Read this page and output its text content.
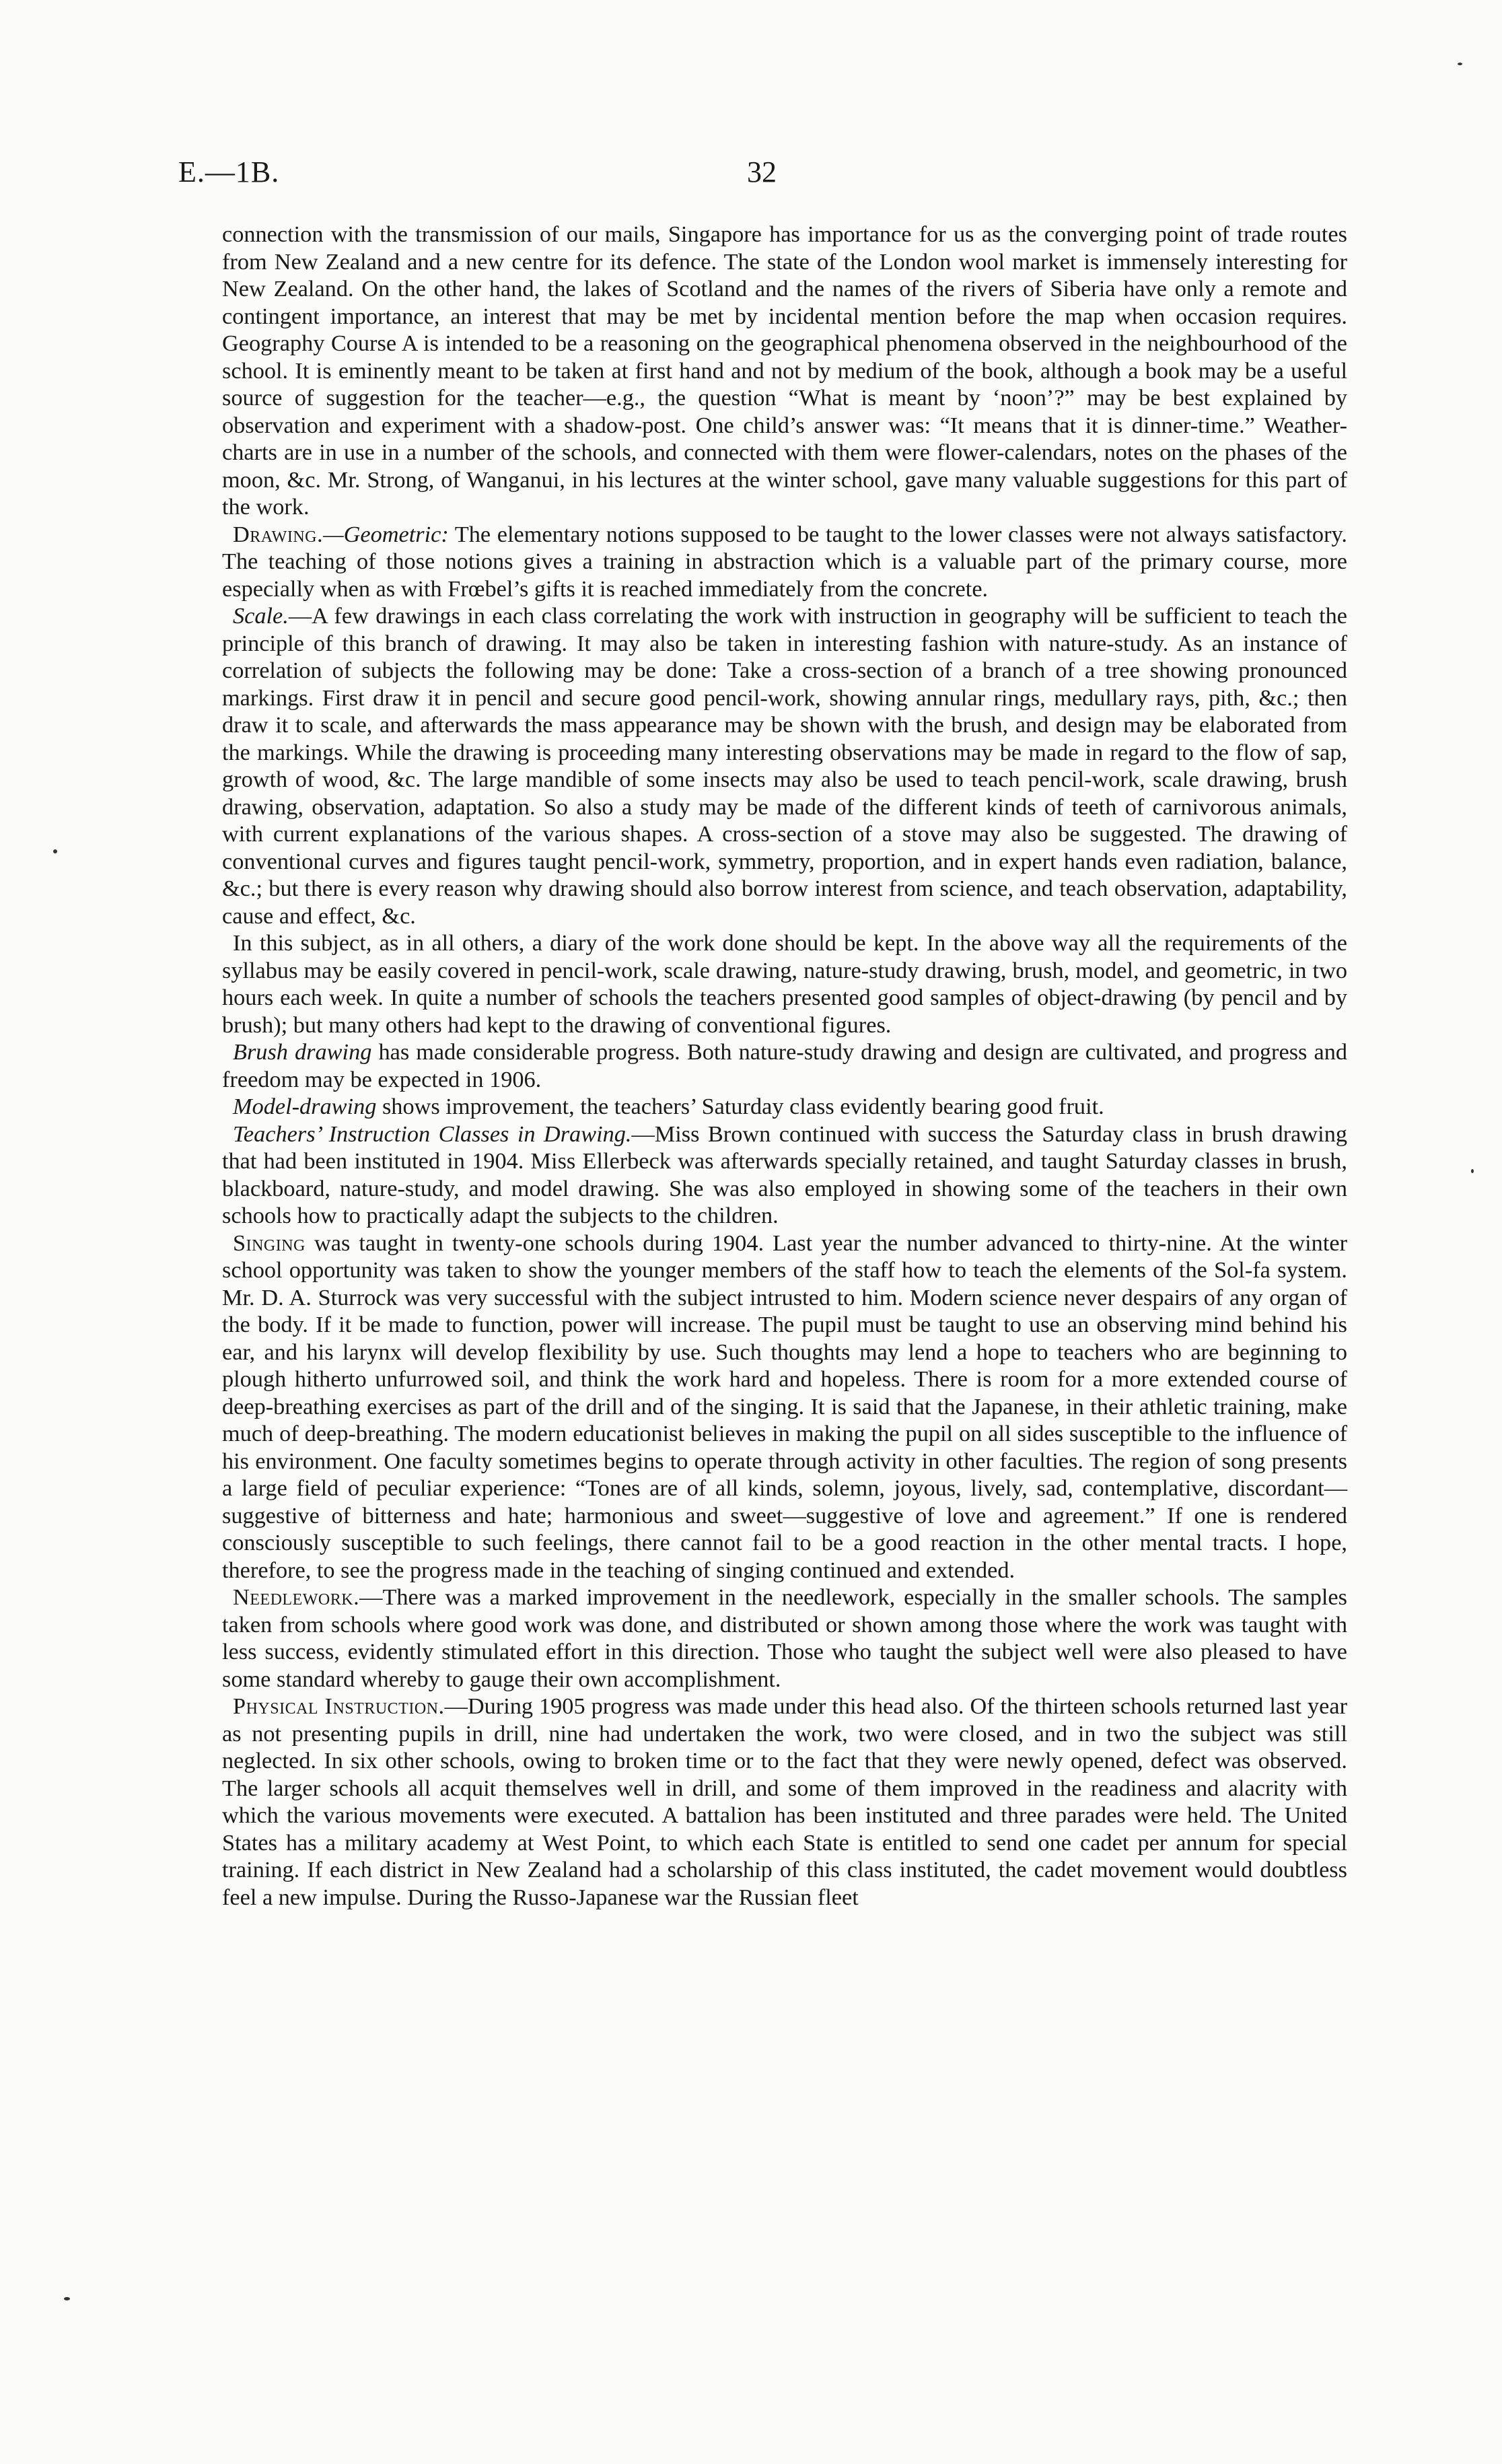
E.—1B.	32

connection with the transmission of our mails, Singapore has importance for us as the converging point of trade routes from New Zealand and a new centre for its defence. The state of the London wool market is immensely interesting for New Zealand. On the other hand, the lakes of Scotland and the names of the rivers of Siberia have only a remote and contingent importance, an interest that may be met by incidental mention before the map when occasion requires. Geography Course A is intended to be a reasoning on the geographical phenomena observed in the neighbourhood of the school. It is eminently meant to be taken at first hand and not by medium of the book, although a book may be a useful source of suggestion for the teacher—e.g., the question “What is meant by ‘noon’?” may be best explained by observation and experiment with a shadow-post. One child’s answer was: “It means that it is dinner-time.” Weather-charts are in use in a number of the schools, and connected with them were flower-calendars, notes on the phases of the moon, &c. Mr. Strong, of Wanganui, in his lectures at the winter school, gave many valuable suggestions for this part of the work.

Drawing.—Geometric: The elementary notions supposed to be taught to the lower classes were not always satisfactory. The teaching of those notions gives a training in abstraction which is a valuable part of the primary course, more especially when as with Frœbel’s gifts it is reached immediately from the concrete.

Scale.—A few drawings in each class correlating the work with instruction in geography will be sufficient to teach the principle of this branch of drawing. It may also be taken in interesting fashion with nature-study. As an instance of correlation of subjects the following may be done: Take a cross-section of a branch of a tree showing pronounced markings. First draw it in pencil and secure good pencil-work, showing annular rings, medullary rays, pith, &c.; then draw it to scale, and afterwards the mass appearance may be shown with the brush, and design may be elaborated from the markings. While the drawing is proceeding many interesting observations may be made in regard to the flow of sap, growth of wood, &c. The large mandible of some insects may also be used to teach pencil-work, scale drawing, brush drawing, observation, adaptation. So also a study may be made of the different kinds of teeth of carnivorous animals, with current explanations of the various shapes. A cross-section of a stove may also be suggested. The drawing of conventional curves and figures taught pencil-work, symmetry, proportion, and in expert hands even radiation, balance, &c.; but there is every reason why drawing should also borrow interest from science, and teach observation, adaptability, cause and effect, &c.

In this subject, as in all others, a diary of the work done should be kept. In the above way all the requirements of the syllabus may be easily covered in pencil-work, scale drawing, nature-study drawing, brush, model, and geometric, in two hours each week. In quite a number of schools the teachers presented good samples of object-drawing (by pencil and by brush); but many others had kept to the drawing of conventional figures.

Brush drawing has made considerable progress. Both nature-study drawing and design are cultivated, and progress and freedom may be expected in 1906.

Model-drawing shows improvement, the teachers’ Saturday class evidently bearing good fruit.

Teachers’ Instruction Classes in Drawing.—Miss Brown continued with success the Saturday class in brush drawing that had been instituted in 1904. Miss Ellerbeck was afterwards specially retained, and taught Saturday classes in brush, blackboard, nature-study, and model drawing. She was also employed in showing some of the teachers in their own schools how to practically adapt the subjects to the children.

Singing was taught in twenty-one schools during 1904. Last year the number advanced to thirty-nine. At the winter school opportunity was taken to show the younger members of the staff how to teach the elements of the Sol-fa system. Mr. D. A. Sturrock was very successful with the subject intrusted to him. Modern science never despairs of any organ of the body. If it be made to function, power will increase. The pupil must be taught to use an observing mind behind his ear, and his larynx will develop flexibility by use. Such thoughts may lend a hope to teachers who are beginning to plough hitherto unfurrowed soil, and think the work hard and hopeless. There is room for a more extended course of deep-breathing exercises as part of the drill and of the singing. It is said that the Japanese, in their athletic training, make much of deep-breathing. The modern educationist believes in making the pupil on all sides susceptible to the influence of his environment. One faculty sometimes begins to operate through activity in other faculties. The region of song presents a large field of peculiar experience: “Tones are of all kinds, solemn, joyous, lively, sad, contemplative, discordant—suggestive of bitterness and hate; harmonious and sweet—suggestive of love and agreement.” If one is rendered consciously susceptible to such feelings, there cannot fail to be a good reaction in the other mental tracts. I hope, therefore, to see the progress made in the teaching of singing continued and extended.

Needlework.—There was a marked improvement in the needlework, especially in the smaller schools. The samples taken from schools where good work was done, and distributed or shown among those where the work was taught with less success, evidently stimulated effort in this direction. Those who taught the subject well were also pleased to have some standard whereby to gauge their own accomplishment.

Physical Instruction.—During 1905 progress was made under this head also. Of the thirteen schools returned last year as not presenting pupils in drill, nine had undertaken the work, two were closed, and in two the subject was still neglected. In six other schools, owing to broken time or to the fact that they were newly opened, defect was observed. The larger schools all acquit themselves well in drill, and some of them improved in the readiness and alacrity with which the various movements were executed. A battalion has been instituted and three parades were held. The United States has a military academy at West Point, to which each State is entitled to send one cadet per annum for special training. If each district in New Zealand had a scholarship of this class instituted, the cadet movement would doubtless feel a new impulse. During the Russo-Japanese war the Russian fleet
